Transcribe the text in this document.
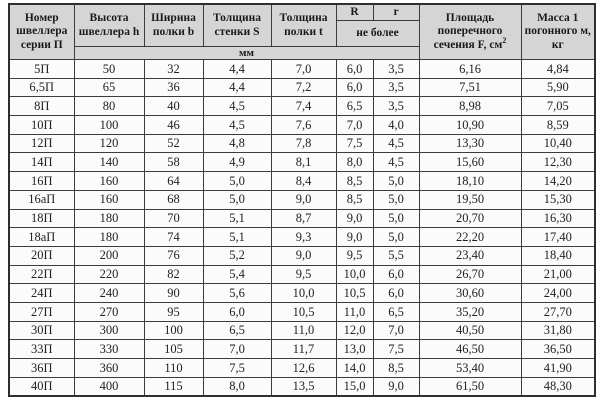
Номер швеллера серии П	Высота швеллера h	Ширина полки b	Толщина стенки S	Толщина полки t	R	r	Площадь поперечного сечения F, $см^2$	Масса 1 погонного м, кг
					не более			
	мм							
5П	50	32	4,4	7,0	6,0	3,5	6,16	4,84
6,5П	65	36	4,4	7,2	6,0	3,5	7,51	5,90
8П	80	40	4,5	7,4	6,5	3,5	8,98	7,05
10П	100	46	4,5	7,6	7,0	4,0	10,90	8,59
12П	120	52	4,8	7,8	7,5	4,5	13,30	10,40
14П	140	58	4,9	8,1	8,0	4,5	15,60	12,30
16П	160	64	5,0	8,4	8,5	5,0	18,10	14,20
16аП	160	68	5,0	9,0	8,5	5,0	19,50	15,30
18П	180	70	5,1	8,7	9,0	5,0	20,70	16,30
18аП	180	74	5,1	9,3	9,0	5,0	22,20	17,40
20П	200	76	5,2	9,0	9,5	5,5	23,40	18,40
22П	220	82	5,4	9,5	10,0	6,0	26,70	21,00
24П	240	90	5,6	10,0	10,5	6,0	30,60	24,00
27П	270	95	6,0	10,5	11,0	6,5	35,20	27,70
30П	300	100	6,5	11,0	12,0	7,0	40,50	31,80
33П	330	105	7,0	11,7	13,0	7,5	46,50	36,50
36П	360	110	7,5	12,6	14,0	8,5	53,40	41,90
40П	400	115	8,0	13,5	15,0	9,0	61,50	48,30
